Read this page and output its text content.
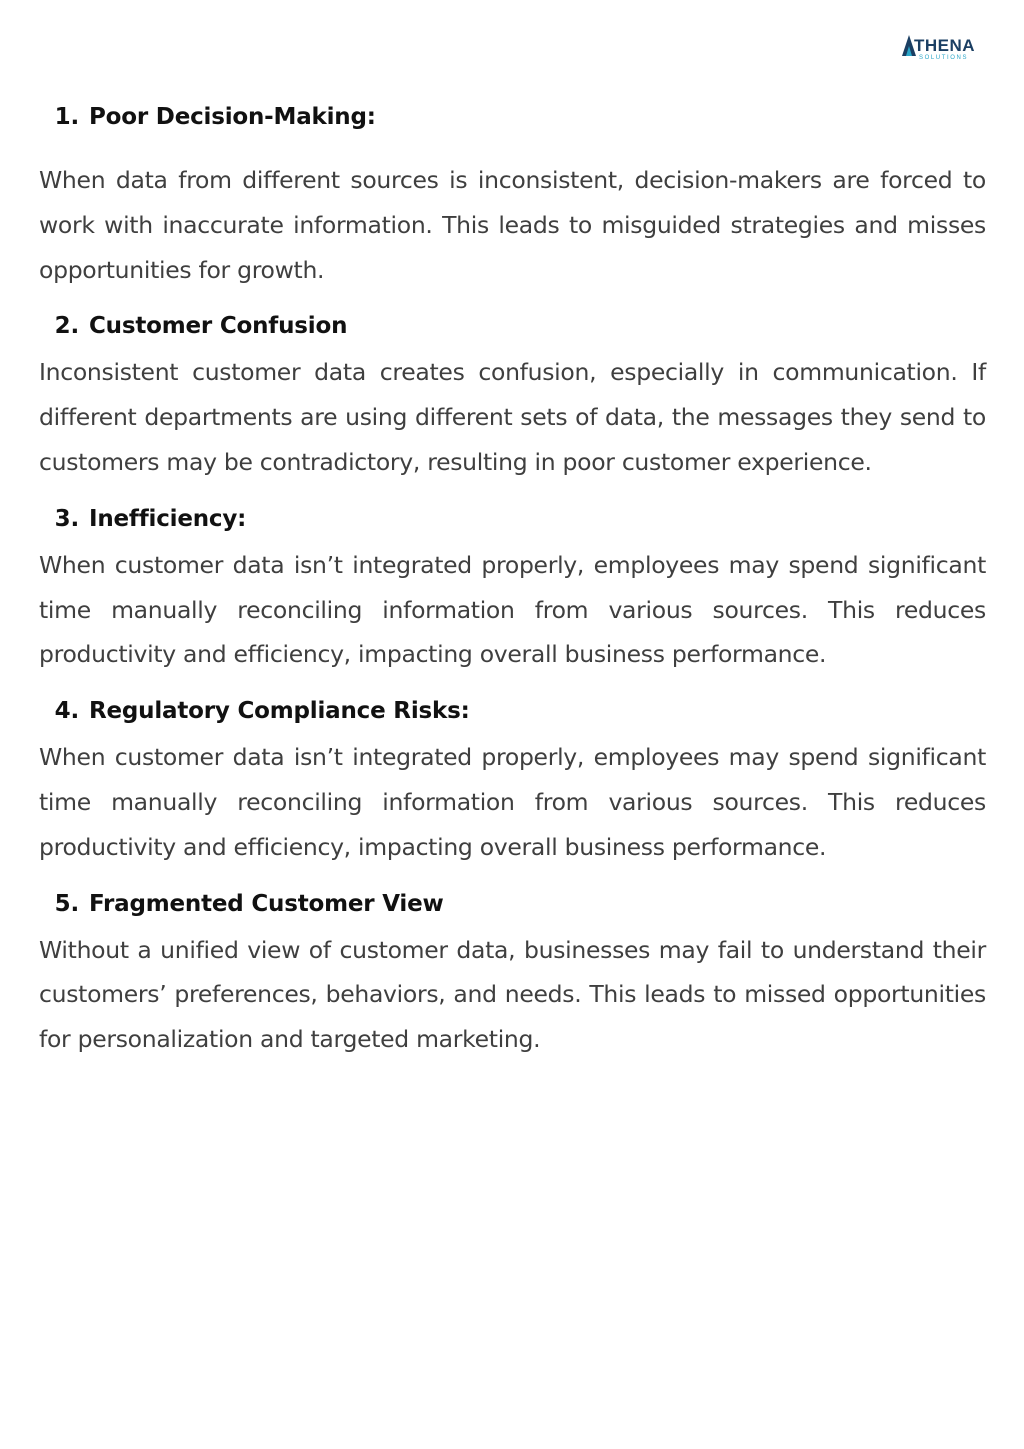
THENA
SOLUTIONS
1. Poor Decision-Making:

When data from different sources is inconsistent, decision-makers are forced to work with inaccurate information. This leads to misguided strategies and misses opportunities for growth.

2. Customer Confusion

Inconsistent customer data creates confusion, especially in communication. If different departments are using different sets of data, the messages they send to customers may be contradictory, resulting in poor customer experience.

3. Inefficiency:

When customer data isn’t integrated properly, employees may spend significant time manually reconciling information from various sources. This reduces productivity and efficiency, impacting overall business performance.

4. Regulatory Compliance Risks:

When customer data isn’t integrated properly, employees may spend significant time manually reconciling information from various sources. This reduces productivity and efficiency, impacting overall business performance.

5. Fragmented Customer View

Without a unified view of customer data, businesses may fail to understand their customers’ preferences, behaviors, and needs. This leads to missed opportunities for personalization and targeted marketing.
